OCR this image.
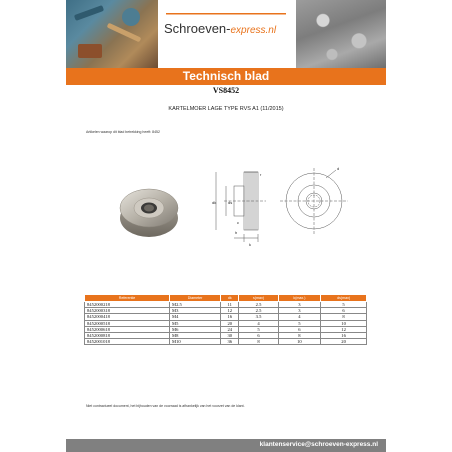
Schroeven-express.nl
Technisch blad
VS8452
KARTELMOER LAGE TYPE RVS A1 (11/2015)
Artikelen waarop dit blad betrekking heeft: 8452
dk	ds
k
h
c
r
d
Referentie	Diameter	dk	s(max)	k(max.)	ds(max)
8452000218	M2.5	11	2.5	3	5
8452000318	M3	12	2.5	3	6
8452000418	M4	16	3.5	4	8
8452000518	M5	20	4	5	10
8452000618	M6	24	5	6	12
8452000818	M8	30	6	8	16
8452001018	M10	36	8	10	20
Niet contractueel document, het bijhouden van de voorraad is afhankelijk van het voorzet van de klant.
klantenservice@schroeven-express.nl
